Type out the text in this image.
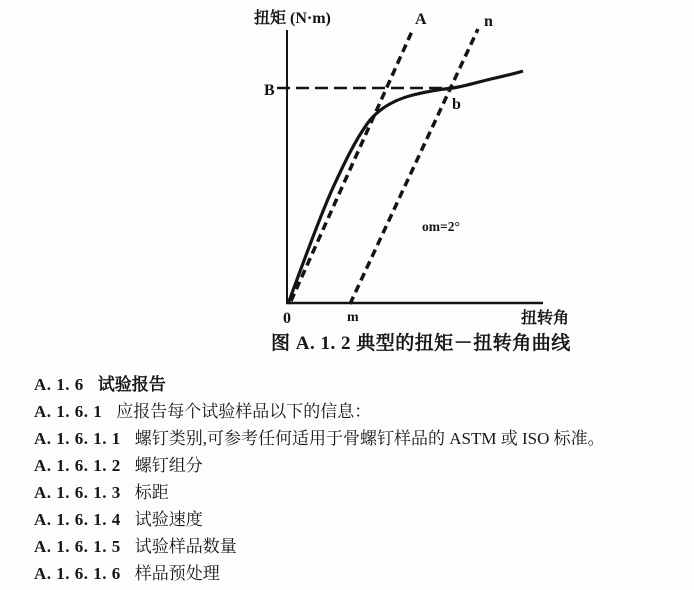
扭矩 (N·m)	A	n
B
b
om=2°
0	m	扭转角
图 A. 1. 2 典型的扭矩－扭转角曲线
A. 1. 6 试验报告
A. 1. 6. 1 应报告每个试验样品以下的信息：
A. 1. 6. 1. 1 螺钉类别,可参考任何适用于骨螺钉样品的 ASTM 或 ISO 标准。
A. 1. 6. 1. 2 螺钉组分
A. 1. 6. 1. 3 标距
A. 1. 6. 1. 4 试验速度
A. 1. 6. 1. 5 试验样品数量
A. 1. 6. 1. 6 样品预处理
